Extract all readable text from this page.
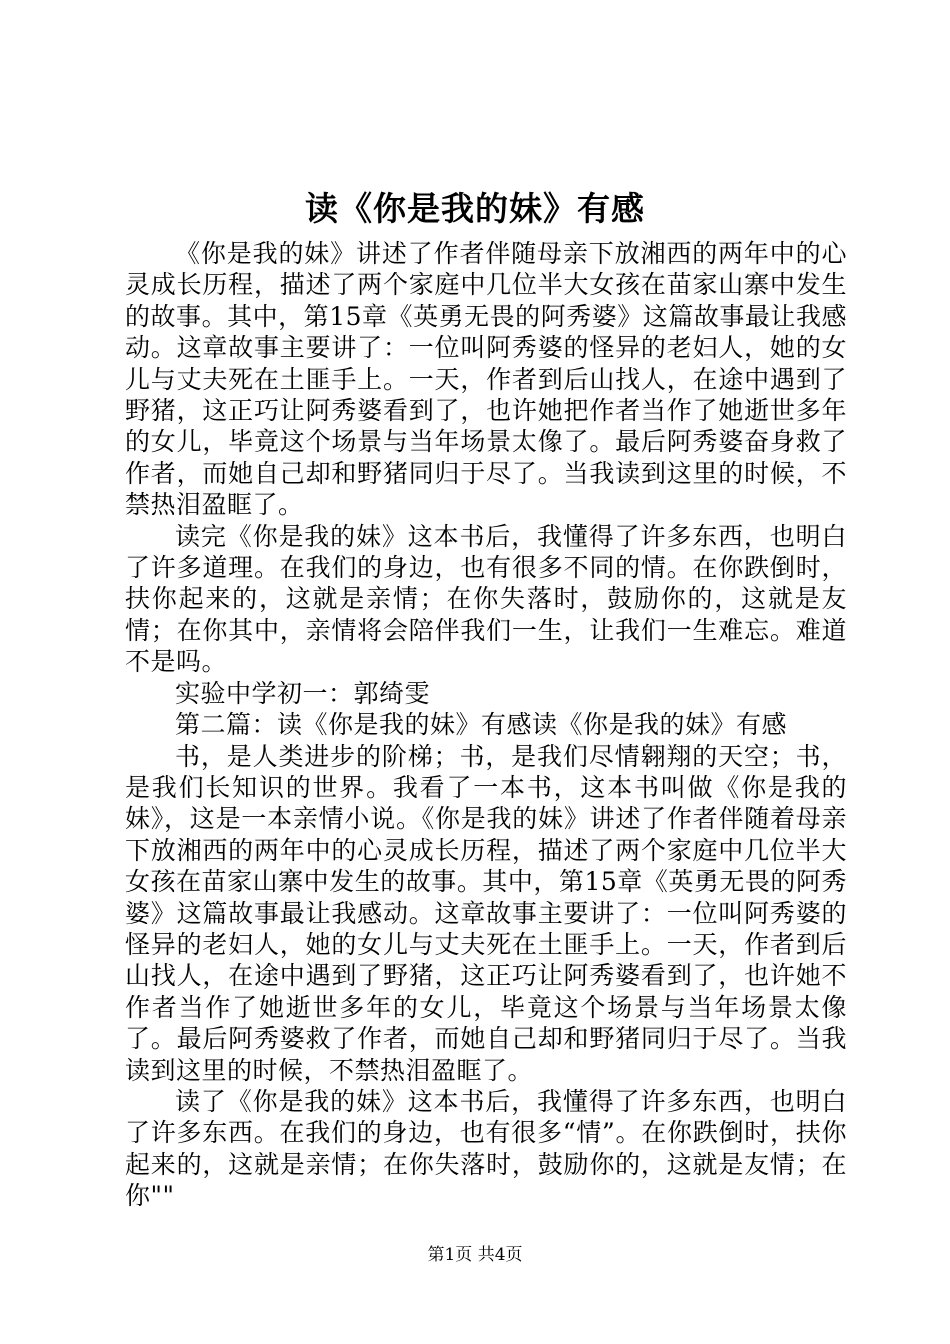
读《你是我的妹》有感

《你是我的妹》讲述了作者伴随母亲下放湘西的两年中的心灵成长历程，描述了两个家庭中几位半大女孩在苗家山寨中发生的故事。其中，第15章《英勇无畏的阿秀婆》这篇故事最让我感动。这章故事主要讲了：一位叫阿秀婆的怪异的老妇人，她的女儿与丈夫死在土匪手上。一天，作者到后山找人，在途中遇到了野猪，这正巧让阿秀婆看到了，也许她把作者当作了她逝世多年的女儿，毕竟这个场景与当年场景太像了。最后阿秀婆奋身救了作者，而她自己却和野猪同归于尽了。当我读到这里的时候，不禁热泪盈眶了。

读完《你是我的妹》这本书后，我懂得了许多东西，也明白了许多道理。在我们的身边，也有很多不同的情。在你跌倒时，扶你起来的，这就是亲情；在你失落时，鼓励你的，这就是友情；在你其中，亲情将会陪伴我们一生，让我们一生难忘。难道不是吗。

实验中学初一：郭绮雯

第二篇：读《你是我的妹》有感读《你是我的妹》有感

书，是人类进步的阶梯；书，是我们尽情翱翔的天空；书，是我们长知识的世界。我看了一本书，这本书叫做《你是我的妹》，这是一本亲情小说。《你是我的妹》讲述了作者伴随着母亲下放湘西的两年中的心灵成长历程，描述了两个家庭中几位半大女孩在苗家山寨中发生的故事。其中，第15章《英勇无畏的阿秀婆》这篇故事最让我感动。这章故事主要讲了：一位叫阿秀婆的怪异的老妇人，她的女儿与丈夫死在土匪手上。一天，作者到后山找人，在途中遇到了野猪，这正巧让阿秀婆看到了，也许她不作者当作了她逝世多年的女儿，毕竟这个场景与当年场景太像了。最后阿秀婆救了作者，而她自己却和野猪同归于尽了。当我读到这里的时候，不禁热泪盈眶了。

读了《你是我的妹》这本书后，我懂得了许多东西，也明白了许多东西。在我们的身边，也有很多“情”。在你跌倒时，扶你起来的，这就是亲情；在你失落时，鼓励你的，这就是友情；在你""

第1页 共4页
